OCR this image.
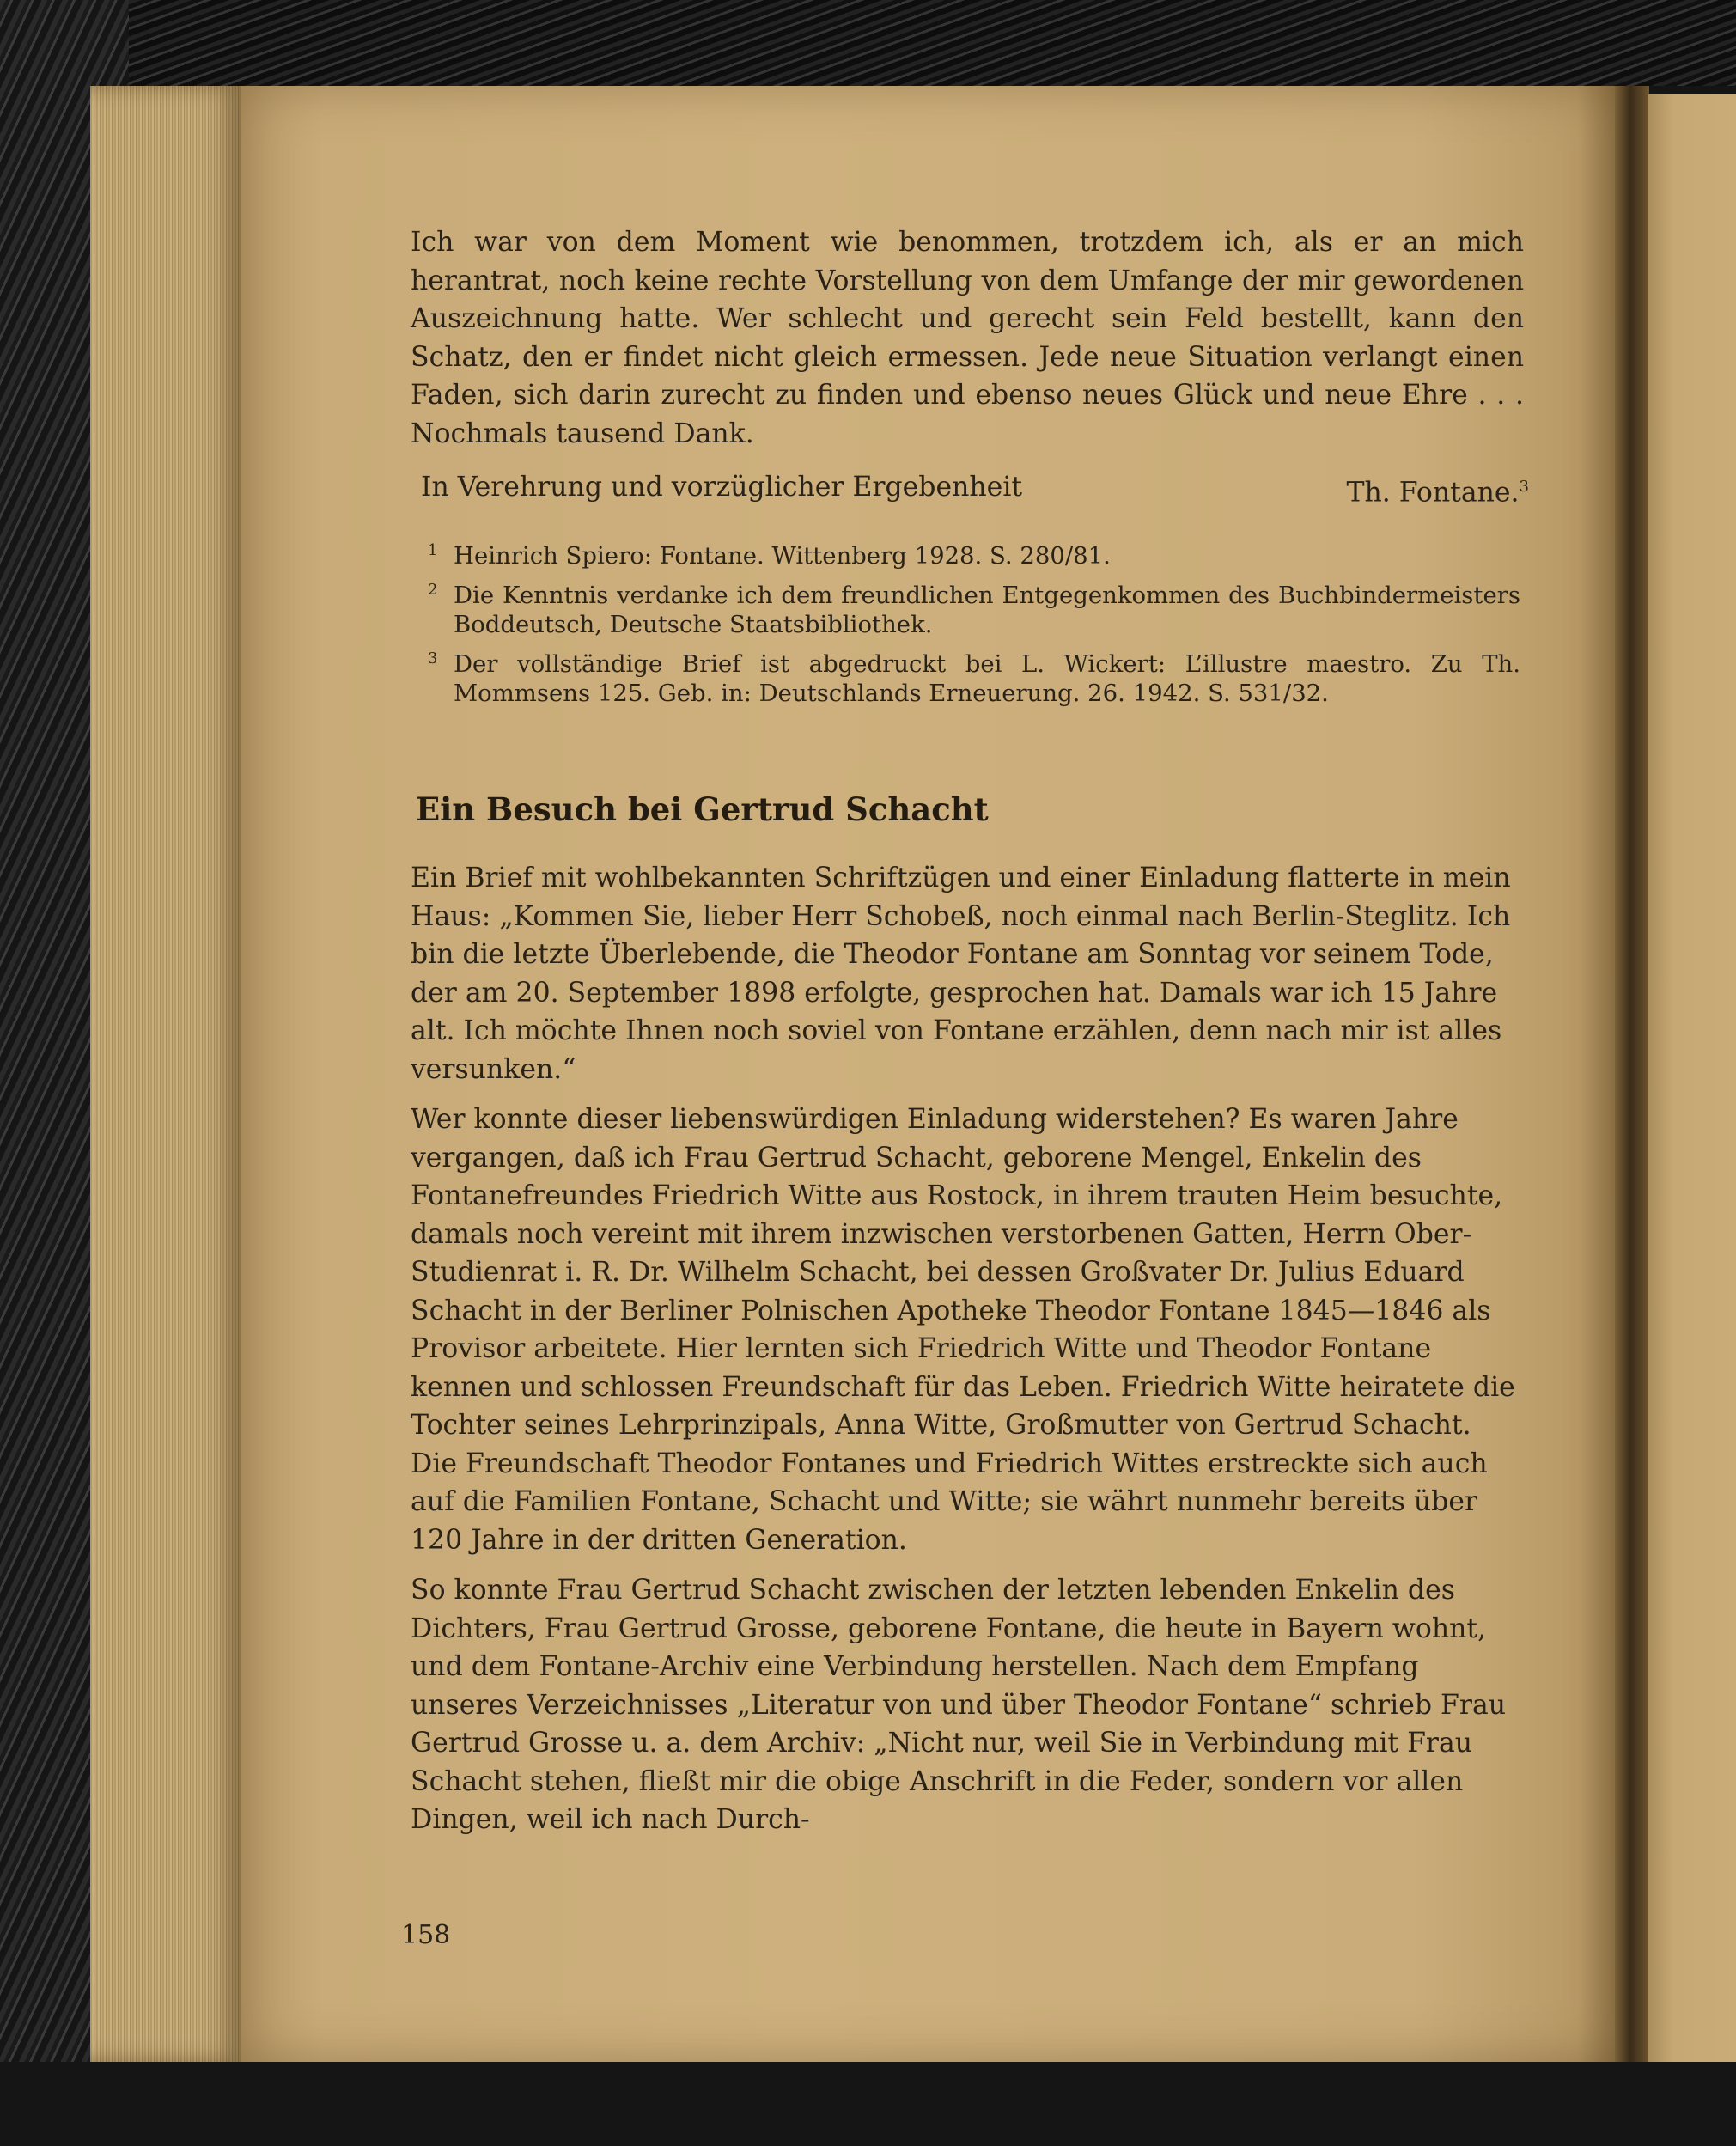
Ich war von dem Moment wie benommen, trotzdem ich, als er an mich herantrat, noch keine rechte Vorstellung von dem Umfange der mir gewordenen Auszeichnung hatte. Wer schlecht und gerecht sein Feld bestellt, kann den Schatz, den er findet nicht gleich ermessen. Jede neue Situation verlangt einen Faden, sich darin zurecht zu finden und ebenso neues Glück und neue Ehre . . . Nochmals tausend Dank.

In Verehrung und vorzüglicher Ergebenheit	Th. Fontane.$^3$
1 Heinrich Spiero: Fontane. Wittenberg 1928. S. 280/81.
2 Die Kenntnis verdanke ich dem freundlichen Entgegenkommen des Buchbindermeisters Boddeutsch, Deutsche Staatsbibliothek.
3 Der vollständige Brief ist abgedruckt bei L. Wickert: L’illustre maestro. Zu Th. Mommsens 125. Geb. in: Deutschlands Erneuerung. 26. 1942. S. 531/32.
Ein Besuch bei Gertrud Schacht

Ein Brief mit wohlbekannten Schriftzügen und einer Einladung flatterte in mein Haus: „Kommen Sie, lieber Herr Schobeß, noch einmal nach Berlin-Steglitz. Ich bin die letzte Überlebende, die Theodor Fontane am Sonntag vor seinem Tode, der am 20. September 1898 erfolgte, gesprochen hat. Damals war ich 15 Jahre alt. Ich möchte Ihnen noch soviel von Fontane erzählen, denn nach mir ist alles versunken.“

Wer konnte dieser liebenswürdigen Einladung widerstehen? Es waren Jahre vergangen, daß ich Frau Gertrud Schacht, geborene Mengel, Enkelin des Fontanefreundes Friedrich Witte aus Rostock, in ihrem trauten Heim besuchte, damals noch vereint mit ihrem inzwischen verstorbenen Gatten, Herrn Ober-Studienrat i. R. Dr. Wilhelm Schacht, bei dessen Großvater Dr. Julius Eduard Schacht in der Berliner Polnischen Apotheke Theodor Fontane 1845—1846 als Provisor arbeitete. Hier lernten sich Friedrich Witte und Theodor Fontane kennen und schlossen Freundschaft für das Leben. Friedrich Witte heiratete die Tochter seines Lehrprinzipals, Anna Witte, Großmutter von Gertrud Schacht. Die Freundschaft Theodor Fontanes und Friedrich Wittes erstreckte sich auch auf die Familien Fontane, Schacht und Witte; sie währt nunmehr bereits über 120 Jahre in der dritten Generation.

So konnte Frau Gertrud Schacht zwischen der letzten lebenden Enkelin des Dichters, Frau Gertrud Grosse, geborene Fontane, die heute in Bayern wohnt, und dem Fontane-Archiv eine Verbindung herstellen. Nach dem Empfang unseres Verzeichnisses „Literatur von und über Theodor Fontane“ schrieb Frau Gertrud Grosse u. a. dem Archiv: „Nicht nur, weil Sie in Verbindung mit Frau Schacht stehen, fließt mir die obige Anschrift in die Feder, sondern vor allen Dingen, weil ich nach Durch-

158
